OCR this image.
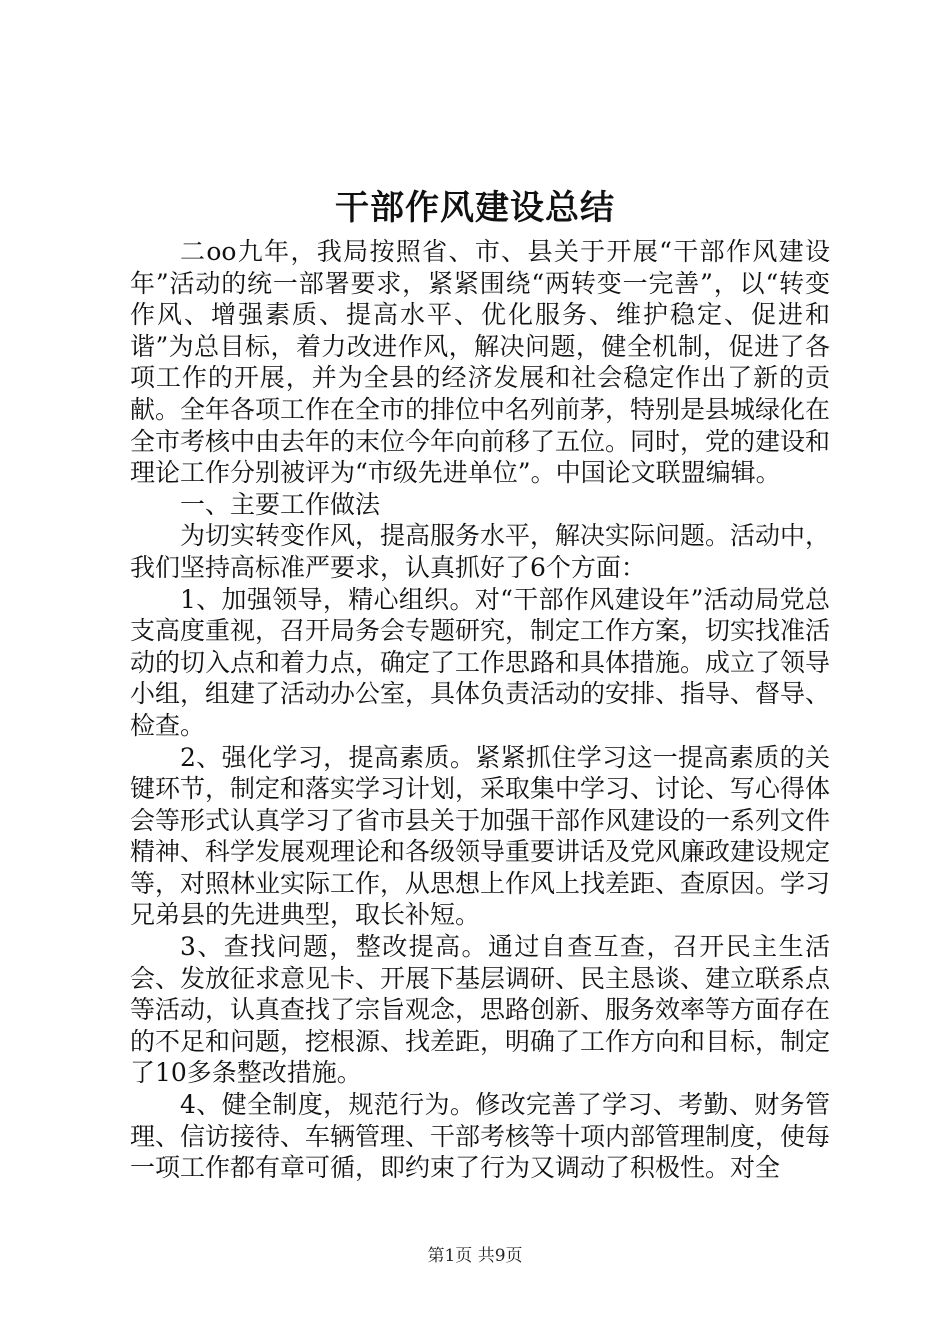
干部作风建设总结

二oo九年，我局按照省、市、县关于开展“干部作风建设年”活动的统一部署要求，紧紧围绕“两转变一完善”，以“转变作风、增强素质、提高水平、优化服务、维护稳定、促进和谐”为总目标，着力改进作风，解决问题，健全机制，促进了各项工作的开展，并为全县的经济发展和社会稳定作出了新的贡献。全年各项工作在全市的排位中名列前茅，特别是县城绿化在全市考核中由去年的末位今年向前移了五位。同时，党的建设和理论工作分别被评为“市级先进单位”。中国论文联盟编辑。

一、主要工作做法

为切实转变作风，提高服务水平，解决实际问题。活动中，我们坚持高标准严要求，认真抓好了6个方面：

1、加强领导，精心组织。对“干部作风建设年”活动局党总支高度重视，召开局务会专题研究，制定工作方案，切实找准活动的切入点和着力点，确定了工作思路和具体措施。成立了领导小组，组建了活动办公室，具体负责活动的安排、指导、督导、检查。

2、强化学习，提高素质。紧紧抓住学习这一提高素质的关键环节，制定和落实学习计划，采取集中学习、讨论、写心得体会等形式认真学习了省市县关于加强干部作风建设的一系列文件精神、科学发展观理论和各级领导重要讲话及党风廉政建设规定等，对照林业实际工作，从思想上作风上找差距、查原因。学习兄弟县的先进典型，取长补短。

3、查找问题，整改提高。通过自查互查，召开民主生活会、发放征求意见卡、开展下基层调研、民主恳谈、建立联系点等活动，认真查找了宗旨观念，思路创新、服务效率等方面存在的不足和问题，挖根源、找差距，明确了工作方向和目标，制定了10多条整改措施。

4、健全制度，规范行为。修改完善了学习、考勤、财务管理、信访接待、车辆管理、干部考核等十项内部管理制度，使每一项工作都有章可循，即约束了行为又调动了积极性。对全

第1页 共9页
